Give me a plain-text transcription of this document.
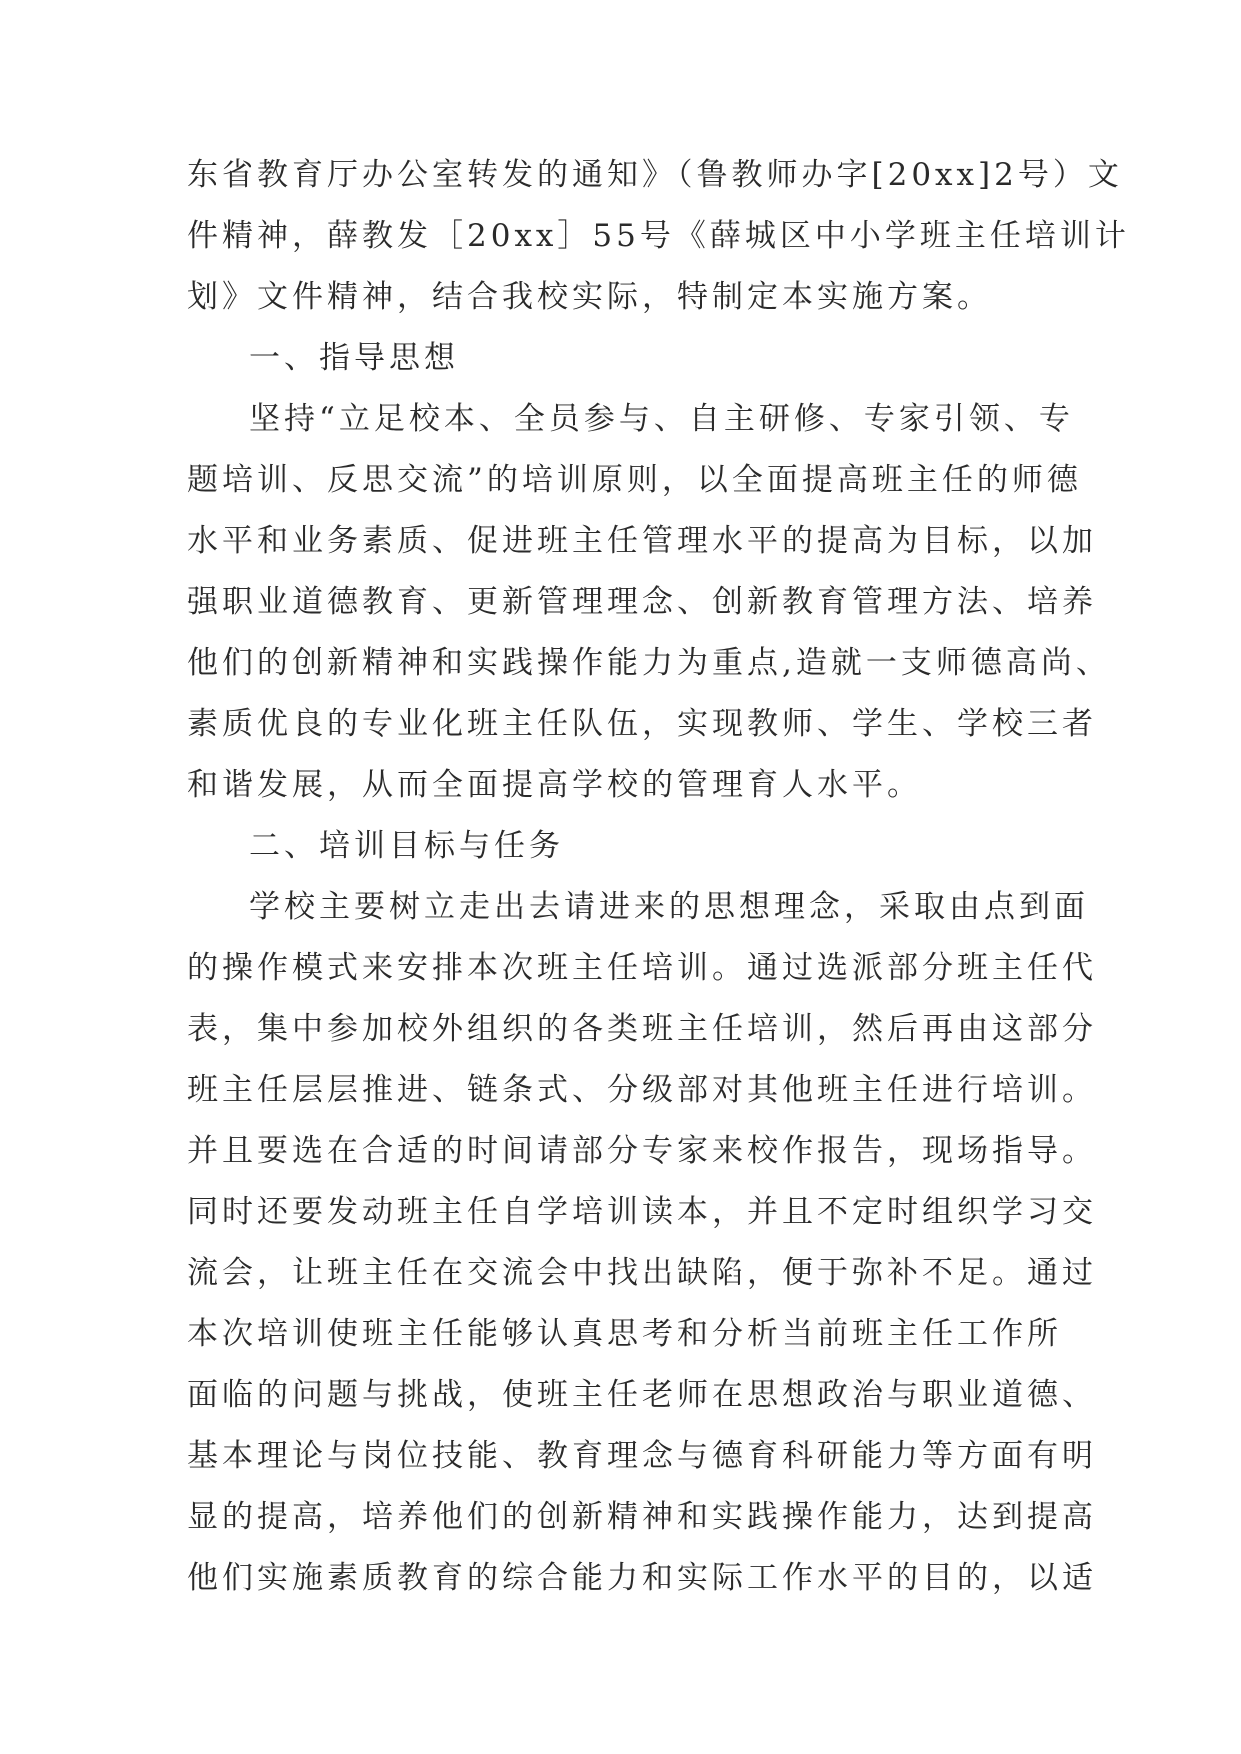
东省教育厅办公室转发的通知》（鲁教师办字[20xx]2号）文
件精神，薛教发［20xx］55号《薛城区中小学班主任培训计
划》文件精神，结合我校实际，特制定本实施方案。
一、指导思想
坚持“立足校本、全员参与、自主研修、专家引领、专
题培训、反思交流”的培训原则，以全面提高班主任的师德
水平和业务素质、促进班主任管理水平的提高为目标，以加
强职业道德教育、更新管理理念、创新教育管理方法、培养
他们的创新精神和实践操作能力为重点,造就一支师德高尚、
素质优良的专业化班主任队伍，实现教师、学生、学校三者
和谐发展，从而全面提高学校的管理育人水平。
二、培训目标与任务
学校主要树立走出去请进来的思想理念，采取由点到面
的操作模式来安排本次班主任培训。通过选派部分班主任代
表，集中参加校外组织的各类班主任培训，然后再由这部分
班主任层层推进、链条式、分级部对其他班主任进行培训。
并且要选在合适的时间请部分专家来校作报告，现场指导。
同时还要发动班主任自学培训读本，并且不定时组织学习交
流会，让班主任在交流会中找出缺陷，便于弥补不足。通过
本次培训使班主任能够认真思考和分析当前班主任工作所
面临的问题与挑战，使班主任老师在思想政治与职业道德、
基本理论与岗位技能、教育理念与德育科研能力等方面有明
显的提高，培养他们的创新精神和实践操作能力，达到提高
他们实施素质教育的综合能力和实际工作水平的目的，以适
